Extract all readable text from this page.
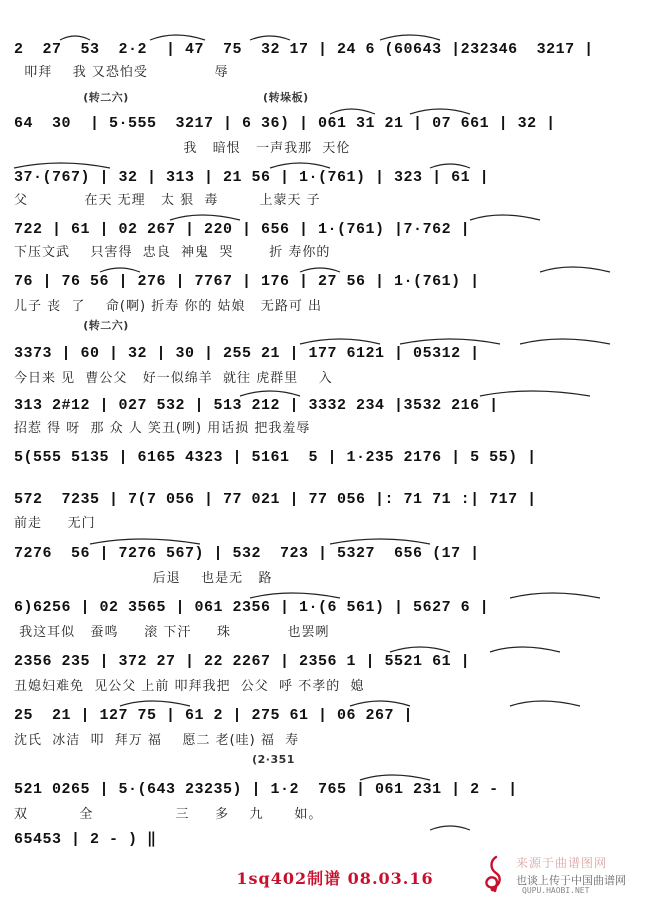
2  27  53  2·2  | 47  75  32 17 | 24 6 (60643 |232346  3217 |
叩拜    我 又恐怕受             辱
(转二六)                               (转垛板)
64  30  | 5·555  3217 | 6 36) | 061 31 21 | 07 661 | 32 |
我   暗恨   一声我那  天伦
37·(767) | 32 | 313 | 21 56 | 1·(761) | 323 | 61 |
父           在天 无理   太 狠  毒        上蒙天 子
722 | 61 | 02 267 | 220 | 656 | 1·(761) |7·762 |
下压文武    只害得  忠良  神鬼  哭       折 寿你的
76 | 76 56 | 276 | 7767 | 176 | 27 56 | 1·(761) |
儿子 丧  了    命(啊) 折寿 你的 姑娘   无路可 出
(转二六)
3373 | 60 | 32 | 30 | 255 21 | 177 6121 | 05312 |
今日来 见  曹公父   好一似绵羊  就往 虎群里    入
313 2#12 | 027 532 | 513 212 | 3332 234 |3532 216 |
招惹 得 呀  那 众 人 笑丑(咧) 用话损 把我羞辱
5(555 5135 | 6165 4323 | 5161  5 | 1·235 2176 | 5 55) |
572  7235 | 7(7 056 | 77 021 | 77 056 |: 71 71 :| 717 |
前走     无门
7276  56 | 7276 567) | 532  723 | 5327  656 (17 |
后退    也是无   路
6)6256 | 02 3565 | 061 2356 | 1·(6 561) | 5627 6 |
我这耳似   蚕鸣     滚 下汗     珠           也罢咧
2356 235 | 372 27 | 22 2267 | 2356 1 | 5521 61 |
丑媳妇难免  见公父 上前 叩拜我把  公父  呼 不孝的  媳
25  21 | 127 75 | 61 2 | 275 61 | 06 267 |
沈氏  冰洁  叩  拜万 福    愿二 老(哇) 福  寿
(2·351
521 0265 | 5·(643 23235) | 1·2  765 | 061 231 | 2 - |
双          全                三     多    九      如。
65453 | 2 - ) ‖
1sq402制谱 08.03.16
来源于曲谱图网
也谈上传于中国曲谱网
QUPU.HAOBI.NET
